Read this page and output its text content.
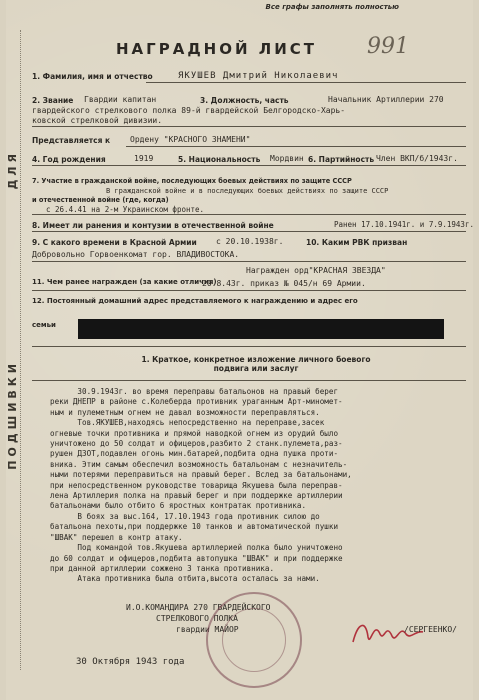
ДЛЯ
ПОДШИВКИ
Все графы заполнять полностью
НАГРАДНОЙ ЛИСТ 991
1. Фамилия, имя и отчество	ЯКУШЕВ Дмитрий Николаевич
2. Звание Гвардии капитан	3. Должность, часть	Начальник Артиллерии 270
гвардейского стрелкового полка 89-й гвардейской Белгородско-Харь-
ковской стрелковой дивизии.
Представляется к Ордену "КРАСНОГО ЗНАМЕНИ"
4. Год рождения	1919	5. Национальность Мордвин 6. Партийность Член ВКП/б/1943г.
7. Участие в гражданской войне, последующих боевых действиях по защите СССР
В гражданской войне и в последующих боевых действиях по защите СССР
и отечественной войне (где, когда)
с 26.4.41 на 2-м Украинском фронте.
8. Имеет ли ранения и контузии в отечественной войне	Ранен 17.10.1941г. и 7.9.1943г.
9. С какого времени в Красной Армии с 20.10.1938г.	10. Каким РВК призван
Добровольно Горвоенкомат гор. ВЛАДИВОСТОКА.
11. Чем ранее награжден (за какие отличия)
Награжден орд"КРАСНАЯ ЗВЕЗДА"
20.8.43г. приказ № 045/н 69 Армии.
12. Постоянный домашний адрес представляемого к награждению и адрес его
семьи
1. Краткое, конкретное изложение личного боевого
подвига или заслуг

30.9.1943г. во время переправы батальонов на правый берег

реки ДНЕПР в районе с.Колеберда противник ураганным Арт-миномет-

ным и пулеметным огнем не давал возможности переправляться.

Тов.ЯКУШЕВ,находясь непосредственно на переправе,засек

огневые точки противника и прямой наводкой огнем из орудий было

уничтожено до 50 солдат и офицеров,разбито 2 станк.пулемета,раз-

рушен ДЗОТ,подавлен огонь мин.батарей,подбита одна пушка проти-

вника. Этим самым обеспечил возможность батальонам с незначитель-

ными потерями переправиться на правый берег. Вслед за батальонами,

при непосредственном руководстве товарища Якушева была переправ-

лена Артиллерия полка на правый берег и при поддержке артиллерии

батальонами было отбито 6 яростных контратак противника.

В боях за выс.164, 17.10.1943 года противник силою до

батальона пехоты,при поддержке 10 танков и автоматической пушки

"ШВАК" перешел в контр атаку.

Под командой тов.Якушева артиллерией полка было уничтожено

до 60 солдат и офицеров,подбита автопушка "ШВАК" и при поддержке

при данной артиллерии сожжено 3 танка противника.

Атака противника была отбита,высота осталась за нами.

И.О.КОМАНДИРА 270 ГВАРДЕЙСКОГО
СТРЕЛКОВОГО ПОЛКА
гвардии МАЙОР	/СЕРГЕЕНКО/
30 Октября 1943 года
